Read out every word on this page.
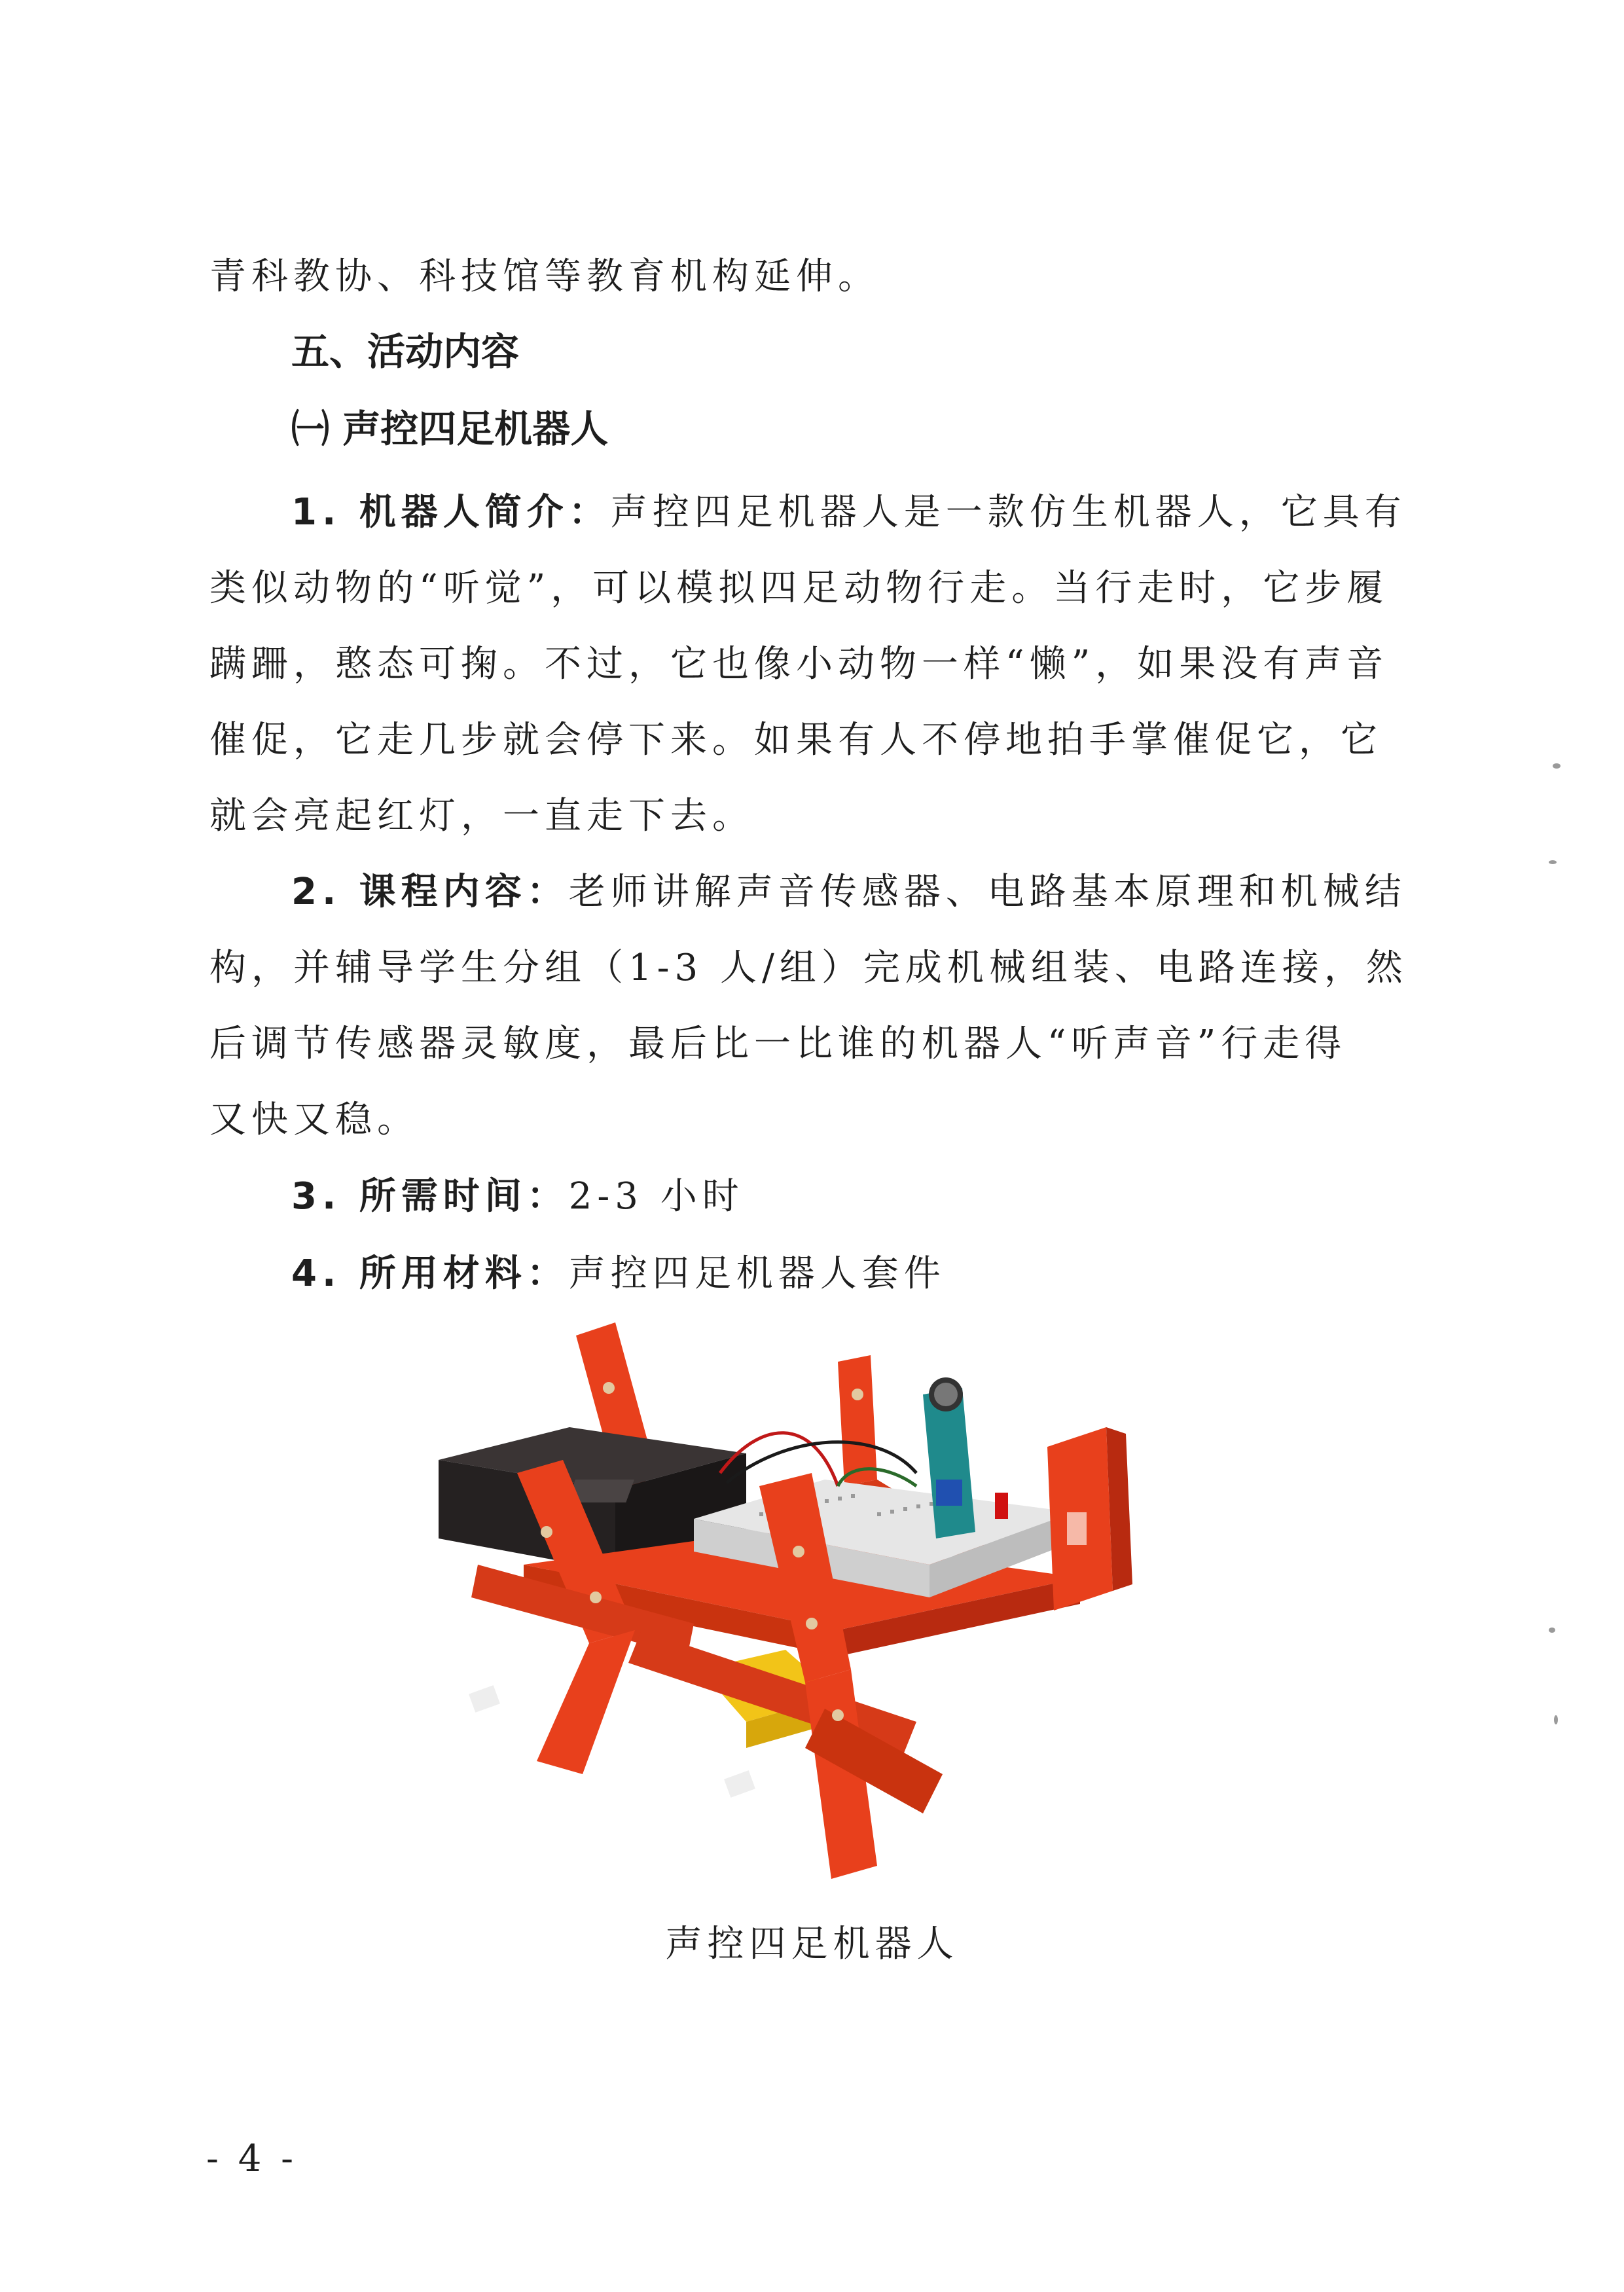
青科教协、科技馆等教育机构延伸。
五、活动内容
㈠ 声控四足机器人
1. 机器人简介：声控四足机器人是一款仿生机器人，它具有
类似动物的“听觉”，可以模拟四足动物行走。当行走时，它步履
蹒跚，憨态可掬。不过，它也像小动物一样“懒”，如果没有声音
催促，它走几步就会停下来。如果有人不停地拍手掌催促它，它
就会亮起红灯，一直走下去。
2. 课程内容：老师讲解声音传感器、电路基本原理和机械结
构，并辅导学生分组（1-3 人/组）完成机械组装、电路连接，然
后调节传感器灵敏度，最后比一比谁的机器人“听声音”行走得
又快又稳。
3. 所需时间：2-3 小时
4. 所用材料：声控四足机器人套件
声控四足机器人
- 4 -
